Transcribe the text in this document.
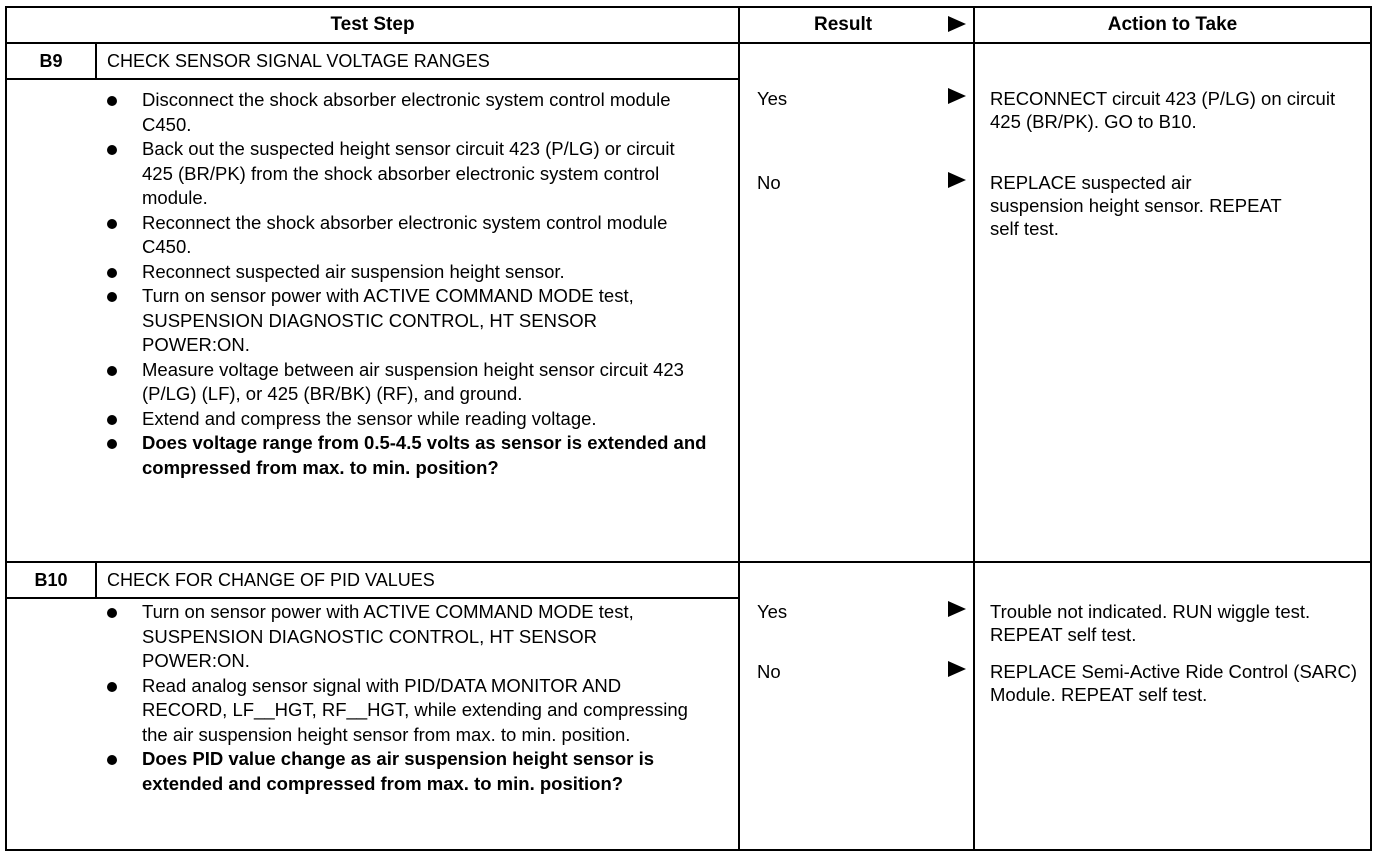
Test Step	Result	Action to Take
B9	CHECK SENSOR SIGNAL VOLTAGE RANGES
Disconnect the shock absorber electronic system control module C450.
Back out the suspected height sensor circuit 423 (P/LG) or circuit 425 (BR/PK) from the shock absorber electronic system control module.
Reconnect the shock absorber electronic system control module C450.
Reconnect suspected air suspension height sensor.
Turn on sensor power with ACTIVE COMMAND MODE test, SUSPENSION DIAGNOSTIC CONTROL, HT SENSOR POWER:ON.
Measure voltage between air suspension height sensor circuit 423 (P/LG) (LF), or 425 (BR/BK) (RF), and ground.
Extend and compress the sensor while reading voltage.
Does voltage range from 0.5-4.5 volts as sensor is extended and compressed from max. to min. position?
Yes	RECONNECT circuit 423 (P/LG) on circuit 425 (BR/PK). GO to B10.
No	REPLACE suspected air suspension height sensor. REPEAT self test.
B10	CHECK FOR CHANGE OF PID VALUES
Turn on sensor power with ACTIVE COMMAND MODE test, SUSPENSION DIAGNOSTIC CONTROL, HT SENSOR POWER:ON.
Read analog sensor signal with PID/DATA MONITOR AND RECORD, LF__HGT, RF__HGT, while extending and compressing the air suspension height sensor from max. to min. position.
Does PID value change as air suspension height sensor is extended and compressed from max. to min. position?
Yes	Trouble not indicated. RUN wiggle test. REPEAT self test.
No	REPLACE Semi-Active Ride Control (SARC) Module. REPEAT self test.
